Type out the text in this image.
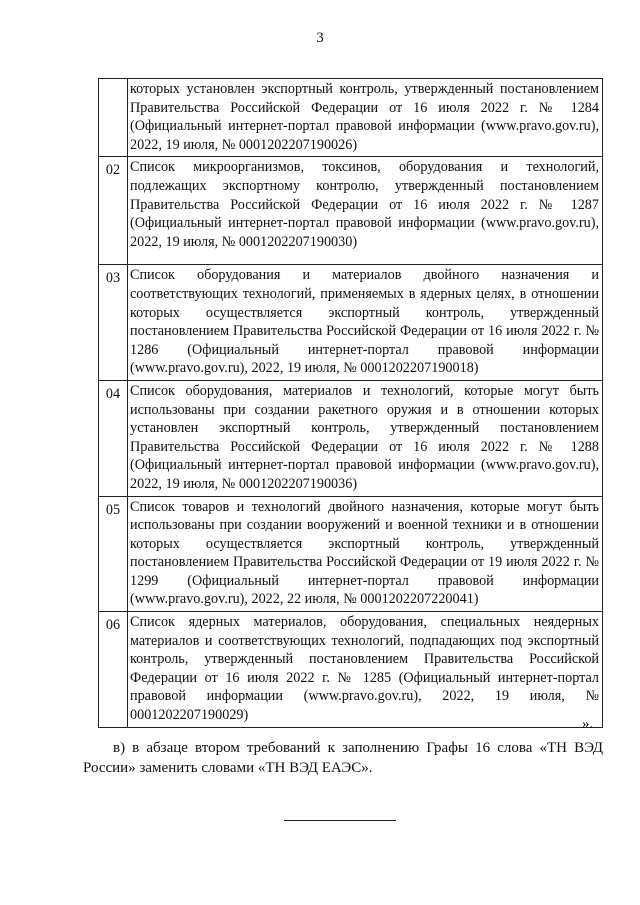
3
	которых установлен экспортный контроль, утвержденный постановлением Правительства Российской Федерации от 16 июля 2022 г. № 1284 (Официальный интернет-портал правовой информации (www.pravo.gov.ru), 2022, 19 июля, № 0001202207190026)
02	Список микроорганизмов, токсинов, оборудования и технологий, подлежащих экспортному контролю, утвержденный постановлением Правительства Российской Федерации от 16 июля 2022 г. № 1287 (Официальный интернет-портал правовой информации (www.pravo.gov.ru), 2022, 19 июля, № 0001202207190030)
03	Список оборудования и материалов двойного назначения и соответствующих технологий, применяемых в ядерных целях, в отношении которых осуществляется экспортный контроль, утвержденный постановлением Правительства Российской Федерации от 16 июля 2022 г. № 1286 (Официальный интернет-портал правовой информации (www.pravo.gov.ru), 2022, 19 июля, № 0001202207190018)
04	Список оборудования, материалов и технологий, которые могут быть использованы при создании ракетного оружия и в отношении которых установлен экспортный контроль, утвержденный постановлением Правительства Российской Федерации от 16 июля 2022 г. № 1288 (Официальный интернет-портал правовой информации (www.pravo.gov.ru), 2022, 19 июля, № 0001202207190036)
05	Список товаров и технологий двойного назначения, которые могут быть использованы при создании вооружений и военной техники и в отношении которых осуществляется экспортный контроль, утвержденный постановлением Правительства Российской Федерации от 19 июля 2022 г. № 1299 (Официальный интернет-портал правовой информации (www.pravo.gov.ru), 2022, 22 июля, № 0001202207220041)
06	Список ядерных материалов, оборудования, специальных неядерных материалов и соответствующих технологий, подпадающих под экспортный контроль, утвержденный постановлением Правительства Российской Федерации от 16 июля 2022 г. № 1285 (Официальный интернет-портал правовой информации (www.pravo.gov.ru), 2022, 19 июля, № 0001202207190029)
».

в) в абзаце втором требований к заполнению Графы 16 слова «ТН ВЭД России» заменить словами «ТН ВЭД ЕАЭС».
